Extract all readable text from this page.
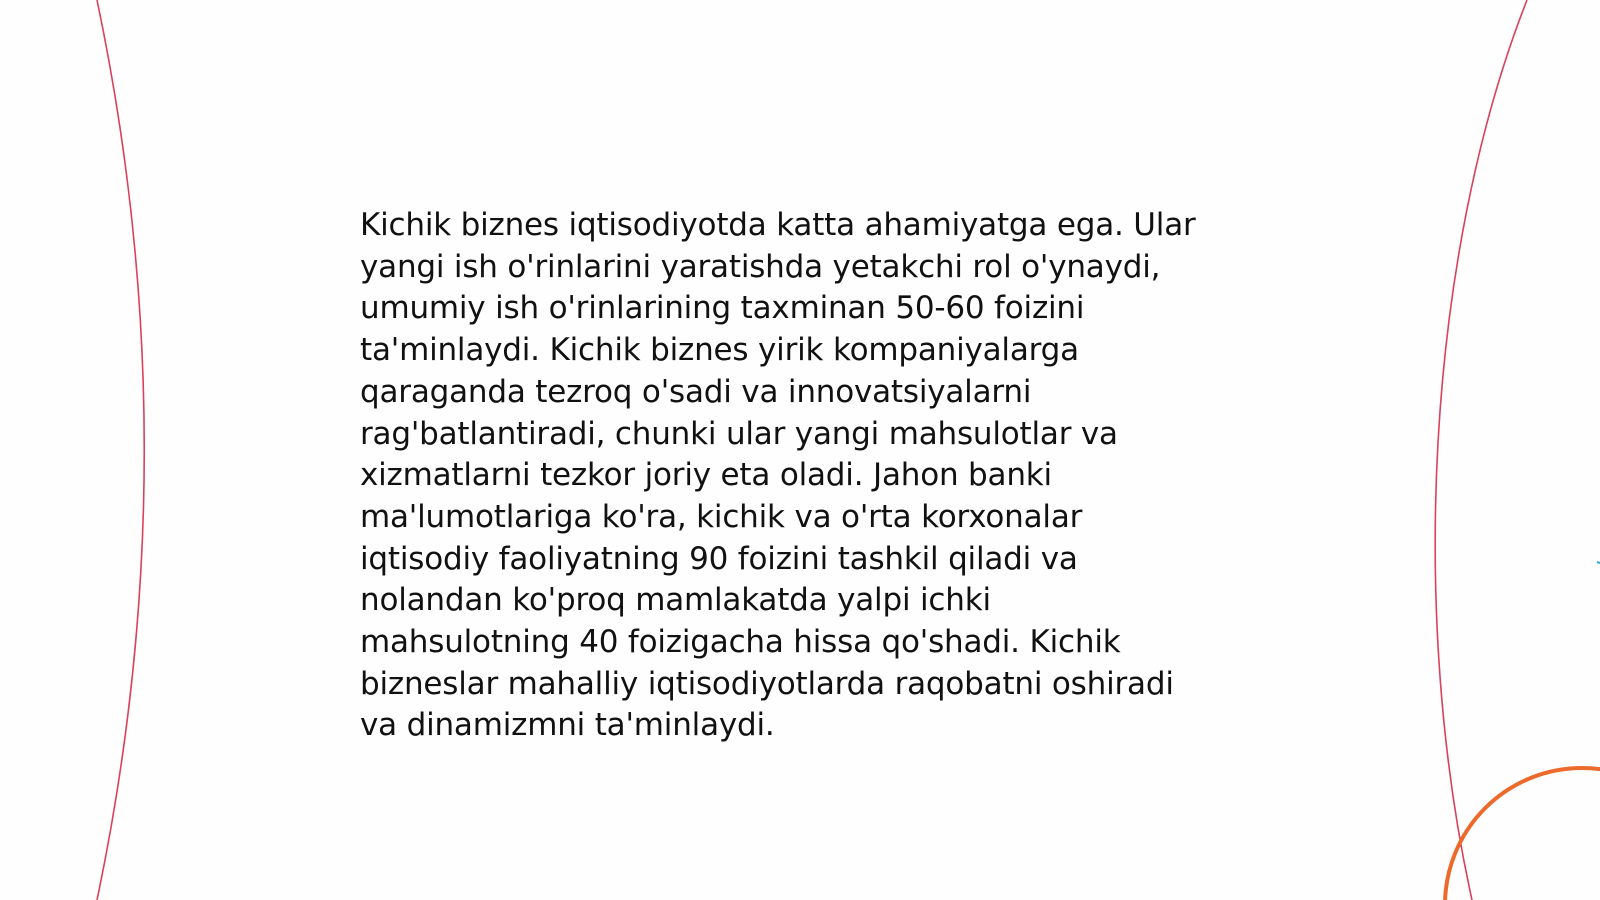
Kichik biznes iqtisodiyotda katta ahamiyatga ega. Ular
yangi ish o'rinlarini yaratishda yetakchi rol o'ynaydi,
umumiy ish o'rinlarining taxminan 50-60 foizini
ta'minlaydi. Kichik biznes yirik kompaniyalarga
qaraganda tezroq o'sadi va innovatsiyalarni
rag'batlantiradi, chunki ular yangi mahsulotlar va
xizmatlarni tezkor joriy eta oladi. Jahon banki
ma'lumotlariga ko'ra, kichik va o'rta korxonalar
iqtisodiy faoliyatning 90 foizini tashkil qiladi va
nolandan ko'proq mamlakatda yalpi ichki
mahsulotning 40 foizigacha hissa qo'shadi. Kichik
bizneslar mahalliy iqtisodiyotlarda raqobatni oshiradi
va dinamizmni ta'minlaydi.
